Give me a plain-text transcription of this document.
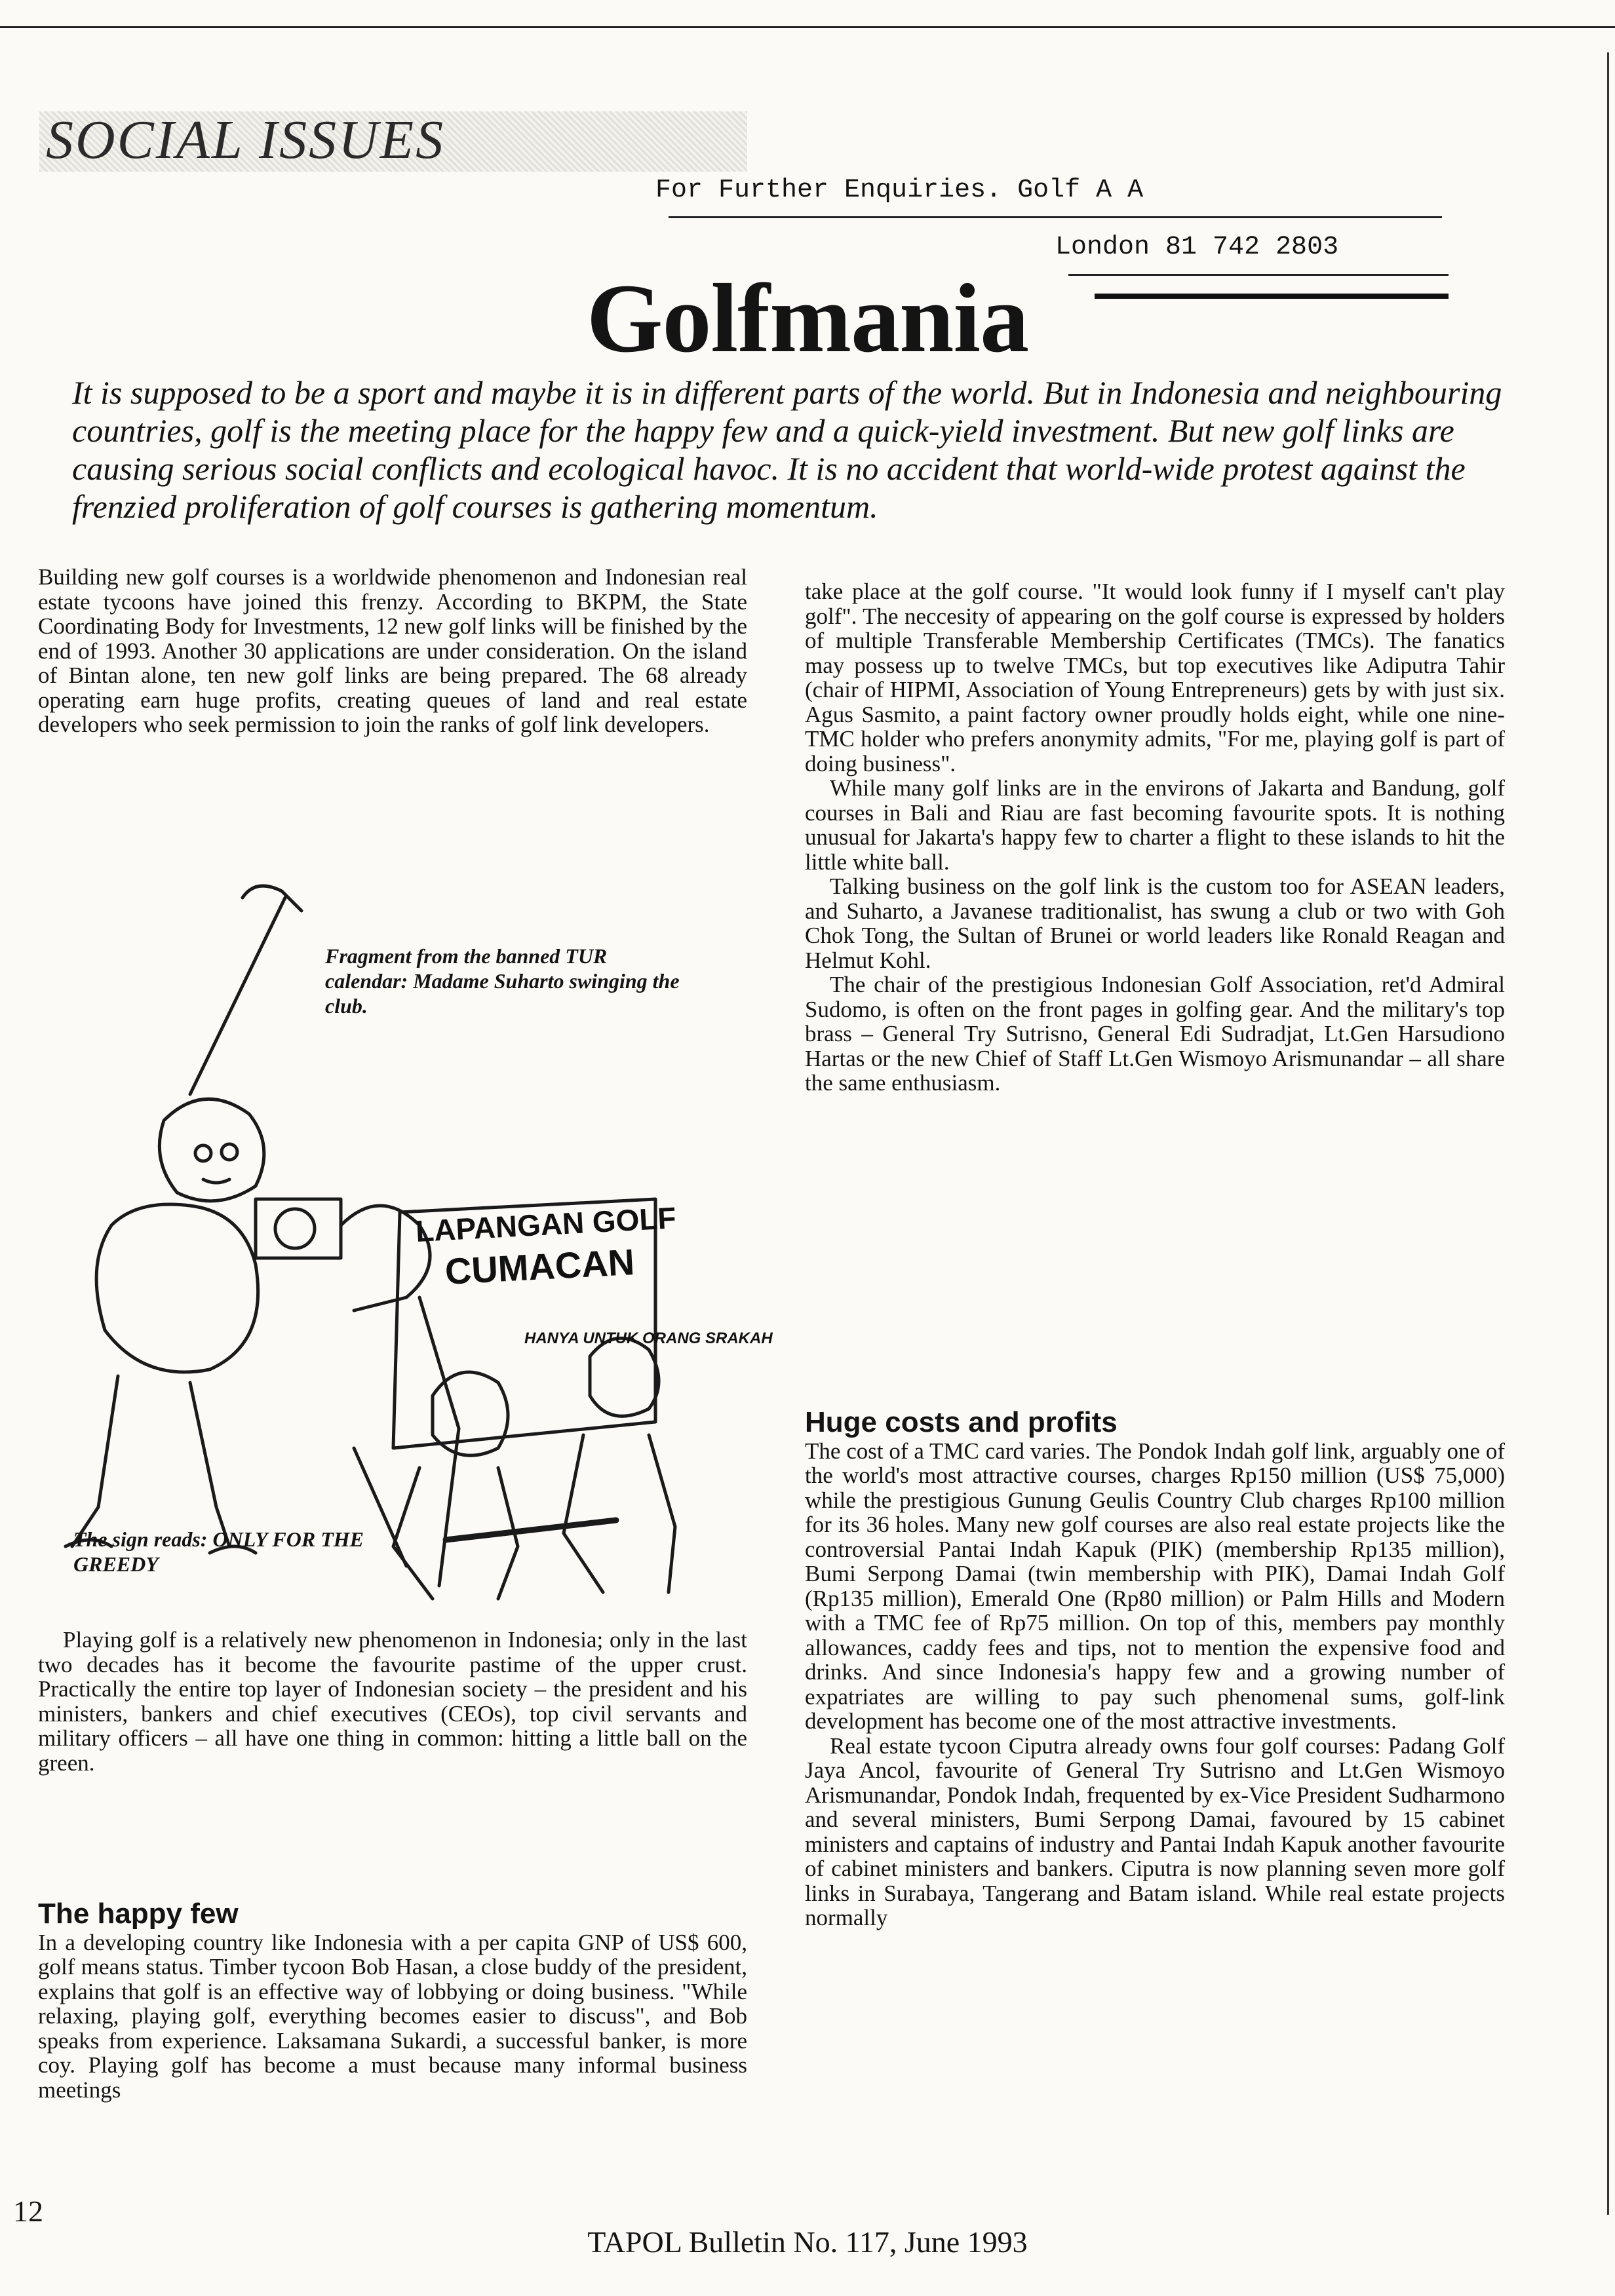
SOCIAL ISSUES
For Further Enquiries. Golf A A
London 81 742 2803
Golfmania
It is supposed to be a sport and maybe it is in different parts of the world. But in Indonesia and neighbouring countries, golf is the meeting place for the happy few and a quick-yield investment. But new golf links are causing serious social conflicts and ecological havoc. It is no accident that world-wide protest against the frenzied proliferation of golf courses is gathering momentum.

Building new golf courses is a worldwide phenomenon and Indonesian real estate tycoons have joined this frenzy. According to BKPM, the State Coordinating Body for Investments, 12 new golf links will be finished by the end of 1993. Another 30 applications are under consideration. On the island of Bintan alone, ten new golf links are being prepared. The 68 already operating earn huge profits, creating queues of land and real estate developers who seek permission to join the ranks of golf link developers.

LAPANGAN GOLF
CUMACAN
HANYA UNTUK ORANG SRAKAH
Fragment from the banned TUR calendar: Madame Suharto swinging the club.
The sign reads: ONLY FOR THE GREEDY

Playing golf is a relatively new phenomenon in Indonesia; only in the last two decades has it become the favourite pastime of the upper crust. Practically the entire top layer of Indonesian society – the president and his ministers, bankers and chief executives (CEOs), top civil servants and military officers – all have one thing in common: hitting a little ball on the green.

The happy few

In a developing country like Indonesia with a per capita GNP of US$ 600, golf means status. Timber tycoon Bob Hasan, a close buddy of the president, explains that golf is an effective way of lobbying or doing business. "While relaxing, playing golf, everything becomes easier to discuss", and Bob speaks from experience. Laksamana Sukardi, a successful banker, is more coy. Playing golf has become a must because many informal business meetings

take place at the golf course. "It would look funny if I myself can't play golf". The neccesity of appearing on the golf course is expressed by holders of multiple Transferable Membership Certificates (TMCs). The fanatics may possess up to twelve TMCs, but top executives like Adiputra Tahir (chair of HIPMI, Association of Young Entrepreneurs) gets by with just six. Agus Sasmito, a paint factory owner proudly holds eight, while one nine-TMC holder who prefers anonymity admits, "For me, playing golf is part of doing business".

While many golf links are in the environs of Jakarta and Bandung, golf courses in Bali and Riau are fast becoming favourite spots. It is nothing unusual for Jakarta's happy few to charter a flight to these islands to hit the little white ball.

Talking business on the golf link is the custom too for ASEAN leaders, and Suharto, a Javanese traditionalist, has swung a club or two with Goh Chok Tong, the Sultan of Brunei or world leaders like Ronald Reagan and Helmut Kohl.

The chair of the prestigious Indonesian Golf Association, ret'd Admiral Sudomo, is often on the front pages in golfing gear. And the military's top brass – General Try Sutrisno, General Edi Sudradjat, Lt.Gen Harsudiono Hartas or the new Chief of Staff Lt.Gen Wismoyo Arismunandar – all share the same enthusiasm.

Huge costs and profits

The cost of a TMC card varies. The Pondok Indah golf link, arguably one of the world's most attractive courses, charges Rp150 million (US$ 75,000) while the prestigious Gunung Geulis Country Club charges Rp100 million for its 36 holes. Many new golf courses are also real estate projects like the controversial Pantai Indah Kapuk (PIK) (membership Rp135 million), Bumi Serpong Damai (twin membership with PIK), Damai Indah Golf (Rp135 million), Emerald One (Rp80 million) or Palm Hills and Modern with a TMC fee of Rp75 million. On top of this, members pay monthly allowances, caddy fees and tips, not to mention the expensive food and drinks. And since Indonesia's happy few and a growing number of expatriates are willing to pay such phenomenal sums, golf-link development has become one of the most attractive investments.

Real estate tycoon Ciputra already owns four golf courses: Padang Golf Jaya Ancol, favourite of General Try Sutrisno and Lt.Gen Wismoyo Arismunandar, Pondok Indah, frequented by ex-Vice President Sudharmono and several ministers, Bumi Serpong Damai, favoured by 15 cabinet ministers and captains of industry and Pantai Indah Kapuk another favourite of cabinet ministers and bankers. Ciputra is now planning seven more golf links in Surabaya, Tangerang and Batam island. While real estate projects normally

12
TAPOL Bulletin No. 117, June 1993
